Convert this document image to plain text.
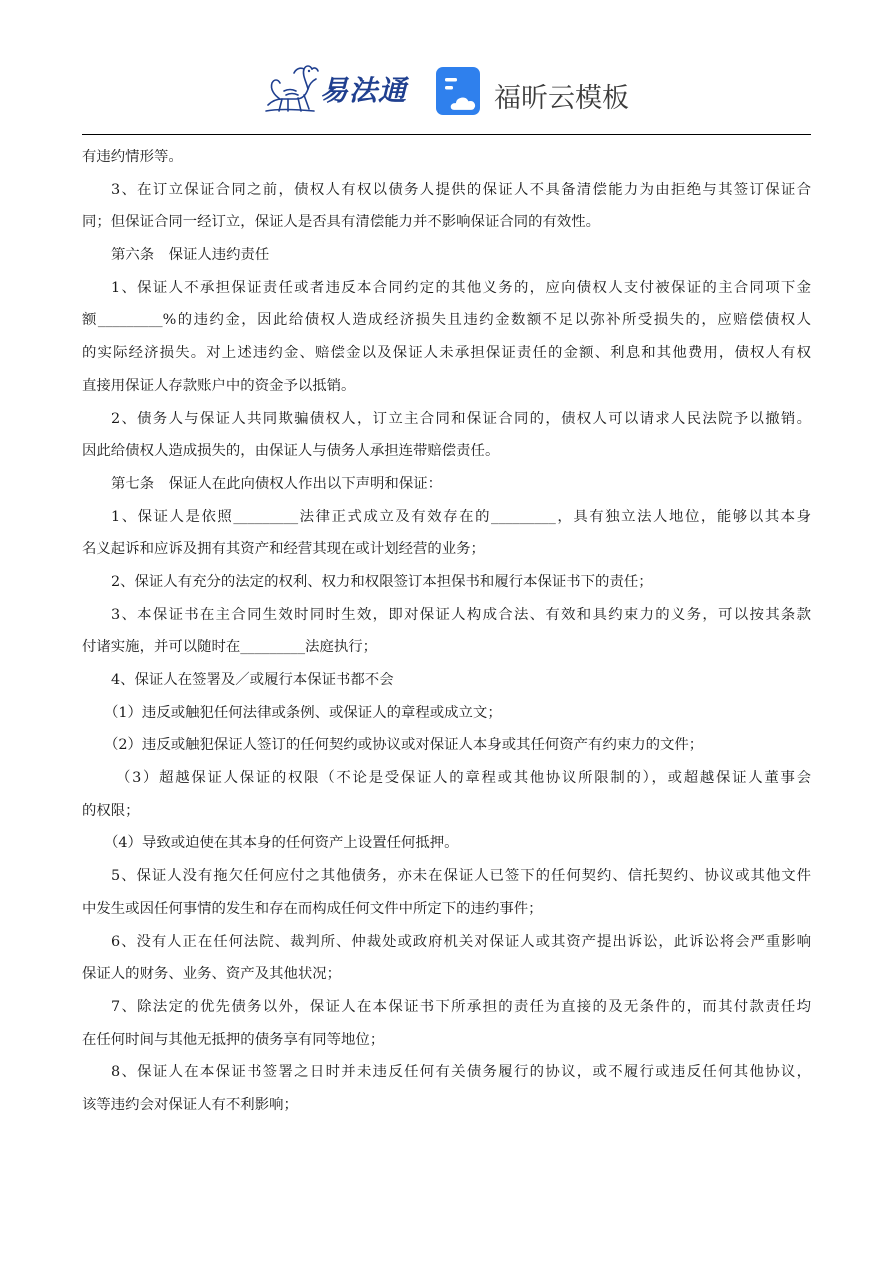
易法通	福昕云模板
有违约情形等。
3、在订立保证合同之前，债权人有权以债务人提供的保证人不具备清偿能力为由拒绝与其签订保证合
同；但保证合同一经订立，保证人是否具有清偿能力并不影响保证合同的有效性。
第六条　保证人违约责任
1、保证人不承担保证责任或者违反本合同约定的其他义务的，应向债权人支付被保证的主合同项下金
额_________%的违约金，因此给债权人造成经济损失且违约金数额不足以弥补所受损失的，应赔偿债权人
的实际经济损失。对上述违约金、赔偿金以及保证人未承担保证责任的金额、利息和其他费用，债权人有权
直接用保证人存款账户中的资金予以抵销。
2、债务人与保证人共同欺骗债权人，订立主合同和保证合同的，债权人可以请求人民法院予以撤销。
因此给债权人造成损失的，由保证人与债务人承担连带赔偿责任。
第七条　保证人在此向债权人作出以下声明和保证：
1、保证人是依照_________法律正式成立及有效存在的_________，具有独立法人地位，能够以其本身
名义起诉和应诉及拥有其资产和经营其现在或计划经营的业务；
2、保证人有充分的法定的权利、权力和权限签订本担保书和履行本保证书下的责任；
3、本保证书在主合同生效时同时生效，即对保证人构成合法、有效和具约束力的义务，可以按其条款
付诸实施，并可以随时在_________法庭执行；
4、保证人在签署及／或履行本保证书都不会
（1）违反或触犯任何法律或条例、或保证人的章程或成立文；
（2）违反或触犯保证人签订的任何契约或协议或对保证人本身或其任何资产有约束力的文件；
（3）超越保证人保证的权限（不论是受保证人的章程或其他协议所限制的），或超越保证人董事会
的权限；
（4）导致或迫使在其本身的任何资产上设置任何抵押。
5、保证人没有拖欠任何应付之其他债务，亦未在保证人已签下的任何契约、信托契约、协议或其他文件
中发生或因任何事情的发生和存在而构成任何文件中所定下的违约事件；
6、没有人正在任何法院、裁判所、仲裁处或政府机关对保证人或其资产提出诉讼，此诉讼将会严重影响
保证人的财务、业务、资产及其他状况；
7、除法定的优先债务以外，保证人在本保证书下所承担的责任为直接的及无条件的，而其付款责任均
在任何时间与其他无抵押的债务享有同等地位；
8、保证人在本保证书签署之日时并未违反任何有关债务履行的协议，或不履行或违反任何其他协议，
该等违约会对保证人有不利影响；
